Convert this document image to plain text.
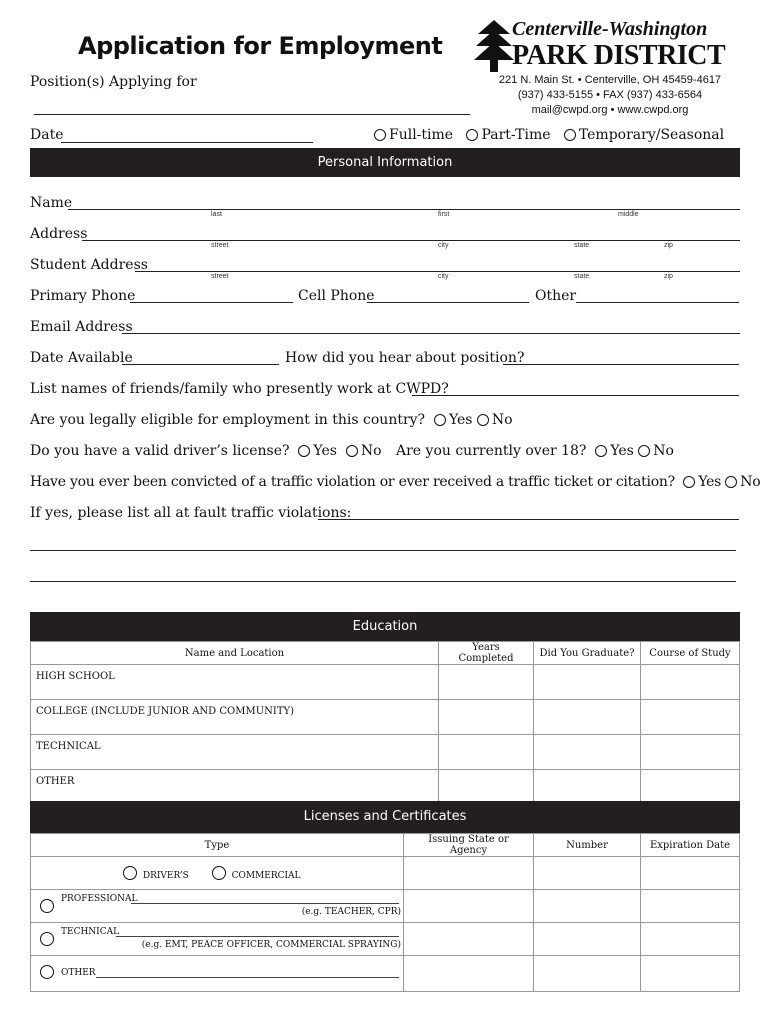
Application for Employment
Position(s) Applying for
Centerville-Washington
PARK DISTRICT
221 N. Main St. • Centerville, OH 45459-4617
(937) 433-5155 • FAX (937) 433-6564
mail@cwpd.org • www.cwpd.org
Date	Full-time Part-Time Temporary/Seasonal
Personal Information
Name
last	first	middle
Address
street	city	state	zip
Student Address
street	city	state	zip
Primary Phone	Cell Phone	Other
Email Address
Date Available	How did you hear about position?
List names of friends/family who presently work at CWPD?
Are you legally eligible for employment in this country? Yes No
Do you have a valid driver’s license? Yes No Are you currently over 18? Yes No
Have you ever been convicted of a traffic violation or ever received a traffic ticket or citation? Yes No
If yes, please list all at fault traffic violations:
Education
Name and Location	Years Completed	Did You Graduate?	Course of Study
HIGH SCHOOL			
COLLEGE (INCLUDE JUNIOR AND COMMUNITY)			
TECHNICAL			
OTHER			
Licenses and Certificates
Type	Issuing State or Agency	Number	Expiration Date
DRIVER’S COMMERCIAL			

PROFESSIONAL
(e.g. TEACHER, CPR)			

TECHNICAL
(e.g. EMT, PEACE OFFICER, COMMERCIAL SPRAYING)			

OTHER			
